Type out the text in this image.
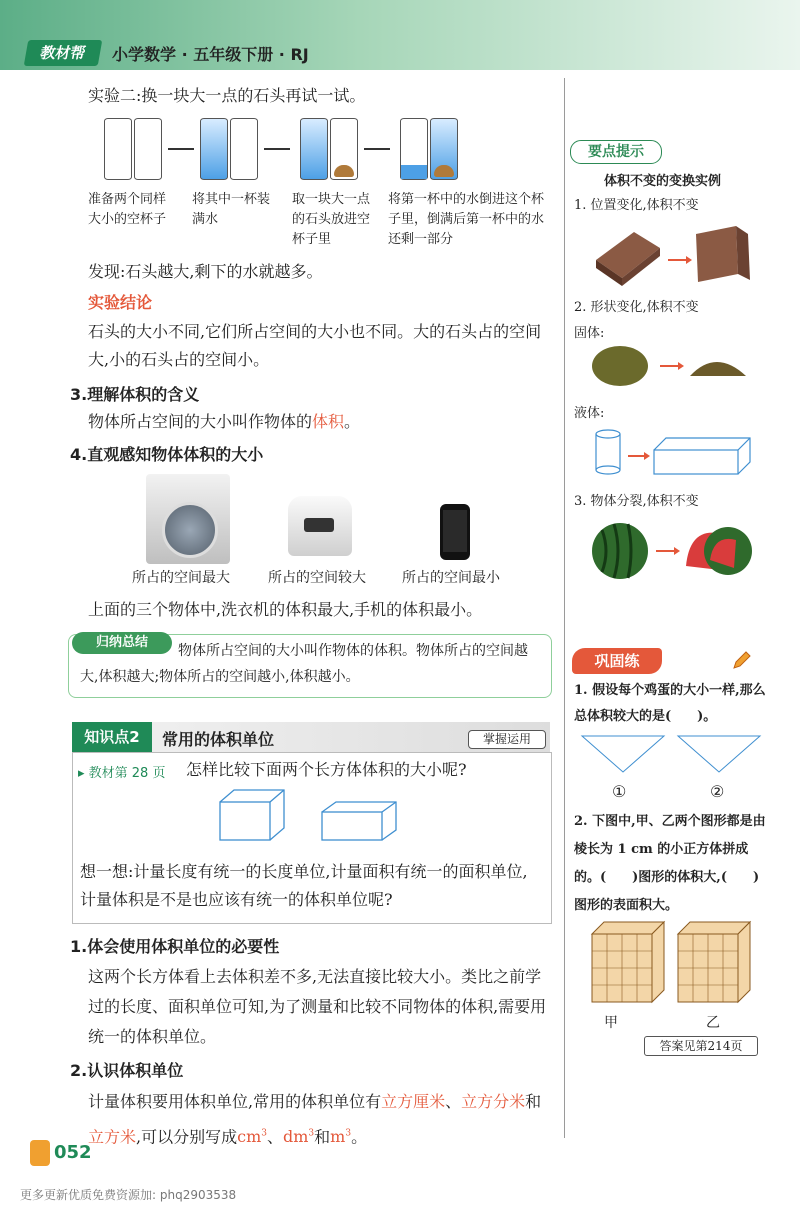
教材帮	小学数学 · 五年级下册 · RJ
实验二:换一块大一点的石头再试一试。
准备两个同样大小的空杯子
将其中一杯装满水
取一块大一点的石头放进空杯子里
将第一杯中的水倒进这个杯子里，倒满后第一杯中的水还剩一部分
发现:石头越大,剩下的水就越多。
实验结论
石头的大小不同,它们所占空间的大小也不同。大的石头占的空间大,小的石头占的空间小。
3.理解体积的含义
物体所占空间的大小叫作物体的体积。
4.直观感知物体体积的大小
所占的空间最大	所占的空间较大	所占的空间最小
上面的三个物体中,洗衣机的体积最大,手机的体积最小。
归纳总结
物体所占空间的大小叫作物体的体积。物体所占的空间越大,体积越大;物体所占的空间越小,体积越小。
知识点2	常用的体积单位	掌握运用
▸ 教材第 28 页 怎样比较下面两个长方体体积的大小呢?
想一想:计量长度有统一的长度单位,计量面积有统一的面积单位,计量体积是不是也应该有统一的体积单位呢?
1.体会使用体积单位的必要性
这两个长方体看上去体积差不多,无法直接比较大小。类比之前学过的长度、面积单位可知,为了测量和比较不同物体的体积,需要用统一的体积单位。
2.认识体积单位
计量体积要用体积单位,常用的体积单位有立方厘米、立方分米和立方米,可以分别写成$cm^3$、$dm^3$和$m^3$。
要点提示
体积不变的变换实例
1. 位置变化,体积不变
2. 形状变化,体积不变
固体:
液体:
3. 物体分裂,体积不变
巩固练
1. 假设每个鸡蛋的大小一样,那么总体积较大的是(　　)。
①	②
2. 下图中,甲、乙两个图形都是由棱长为 1 cm 的小正方体拼成的。(　　)图形的体积大,(　　)图形的表面积大。
甲	乙
答案见第214页
052
更多更新优质免费资源加: phq2903538
